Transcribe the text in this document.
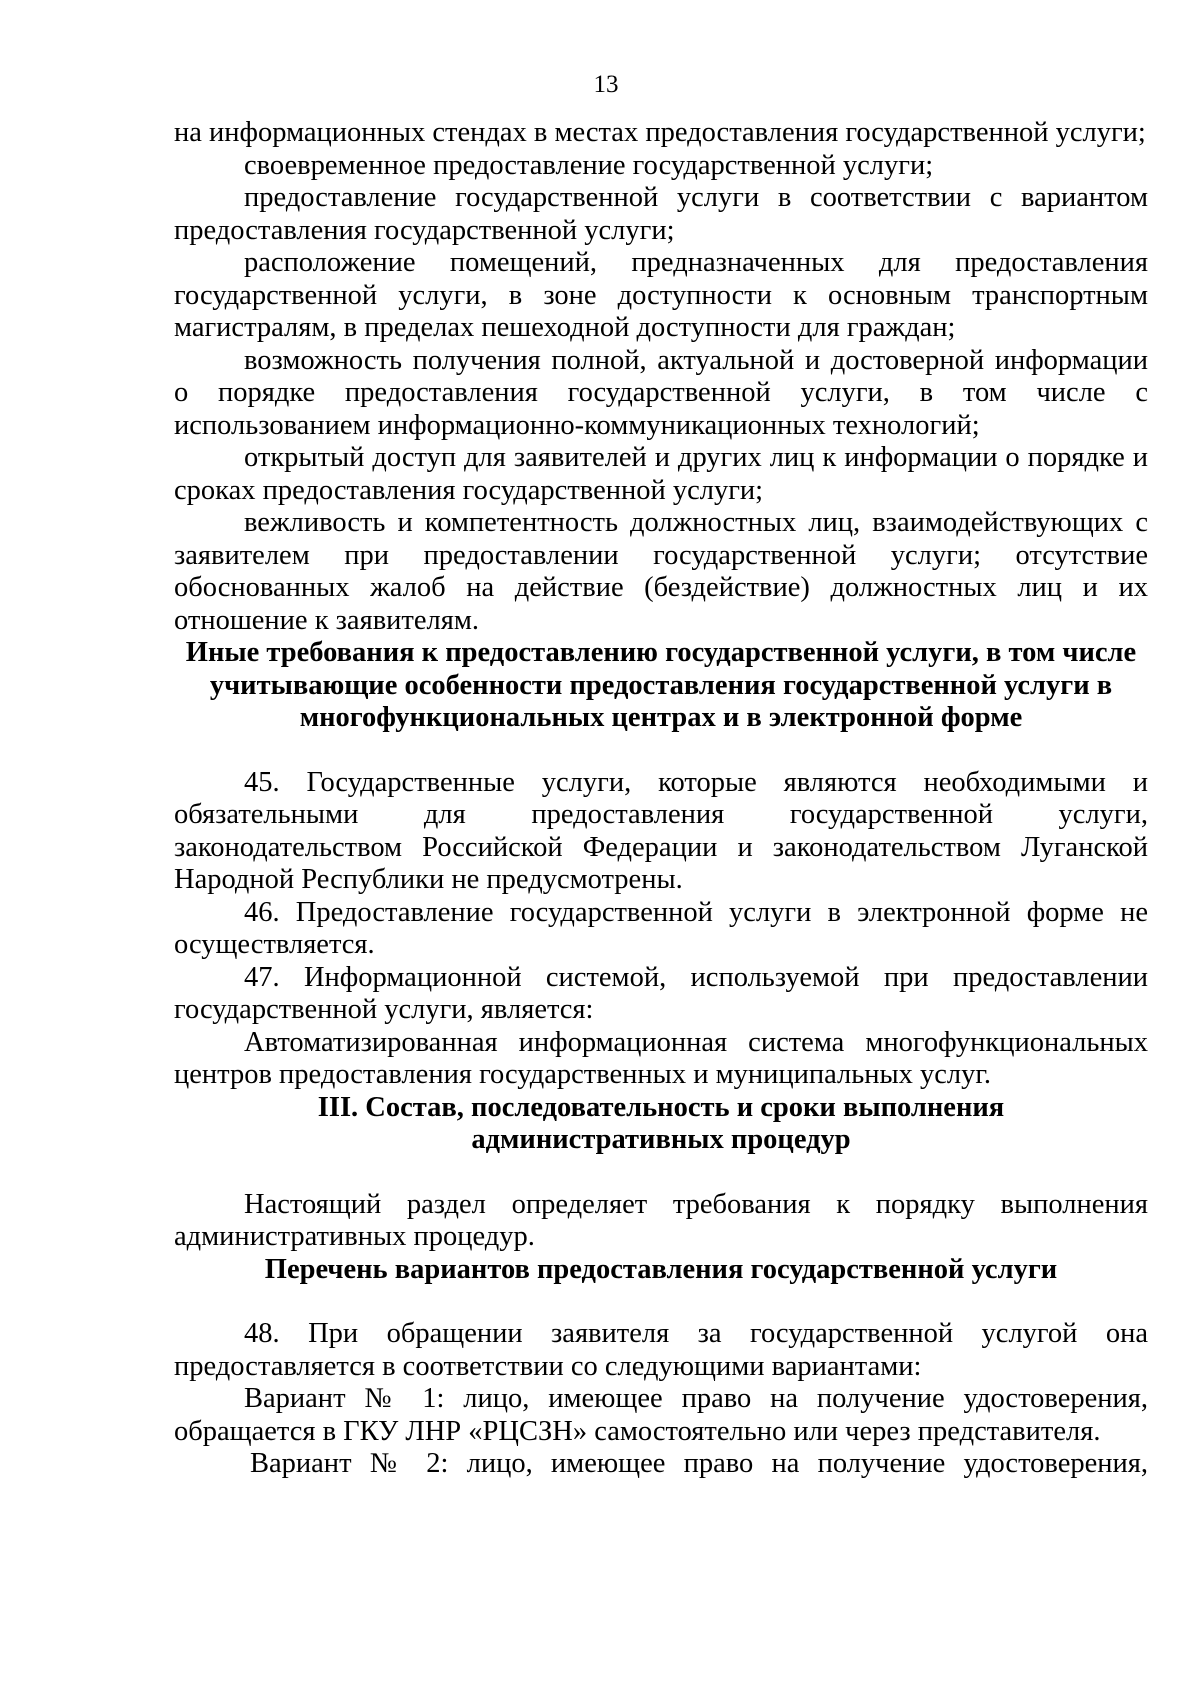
13

на информационных стендах в местах предоставления государственной услуги;

своевременное предоставление государственной услуги;

предоставление государственной услуги в соответствии с вариантом предоставления государственной услуги;

расположение помещений, предназначенных для предоставления государственной услуги, в зоне доступности к основным транспортным магистралям, в пределах пешеходной доступности для граждан;

возможность получения полной, актуальной и достоверной информации о порядке предоставления государственной услуги, в том числе с использованием информационно-коммуникационных технологий;

открытый доступ для заявителей и других лиц к информации о порядке и сроках предоставления государственной услуги;

вежливость и компетентность должностных лиц, взаимодействующих с заявителем при предоставлении государственной услуги; отсутствие обоснованных жалоб на действие (бездействие) должностных лиц и их отношение к заявителям.

Иные требования к предоставлению государственной услуги, в том числе
учитывающие особенности предоставления государственной услуги в
многофункциональных центрах и в электронной форме

45. Государственные услуги, которые являются необходимыми и обязательными для предоставления государственной услуги, законодательством Российской Федерации и законодательством Луганской Народной Республики не предусмотрены.

46. Предоставление государственной услуги в электронной форме не осуществляется.

47. Информационной системой, используемой при предоставлении государственной услуги, является:

Автоматизированная информационная система многофункциональных центров предоставления государственных и муниципальных услуг.

III. Состав, последовательность и сроки выполнения
административных процедур

Настоящий раздел определяет требования к порядку выполнения административных процедур.

Перечень вариантов предоставления государственной услуги

48. При обращении заявителя за государственной услугой она предоставляется в соответствии со следующими вариантами:

Вариант № 1: лицо, имеющее право на получение удостоверения, обращается в ГКУ ЛНР «РЦСЗН» самостоятельно или через представителя.

Вариант № 2: лицо, имеющее право на получение удостоверения,
